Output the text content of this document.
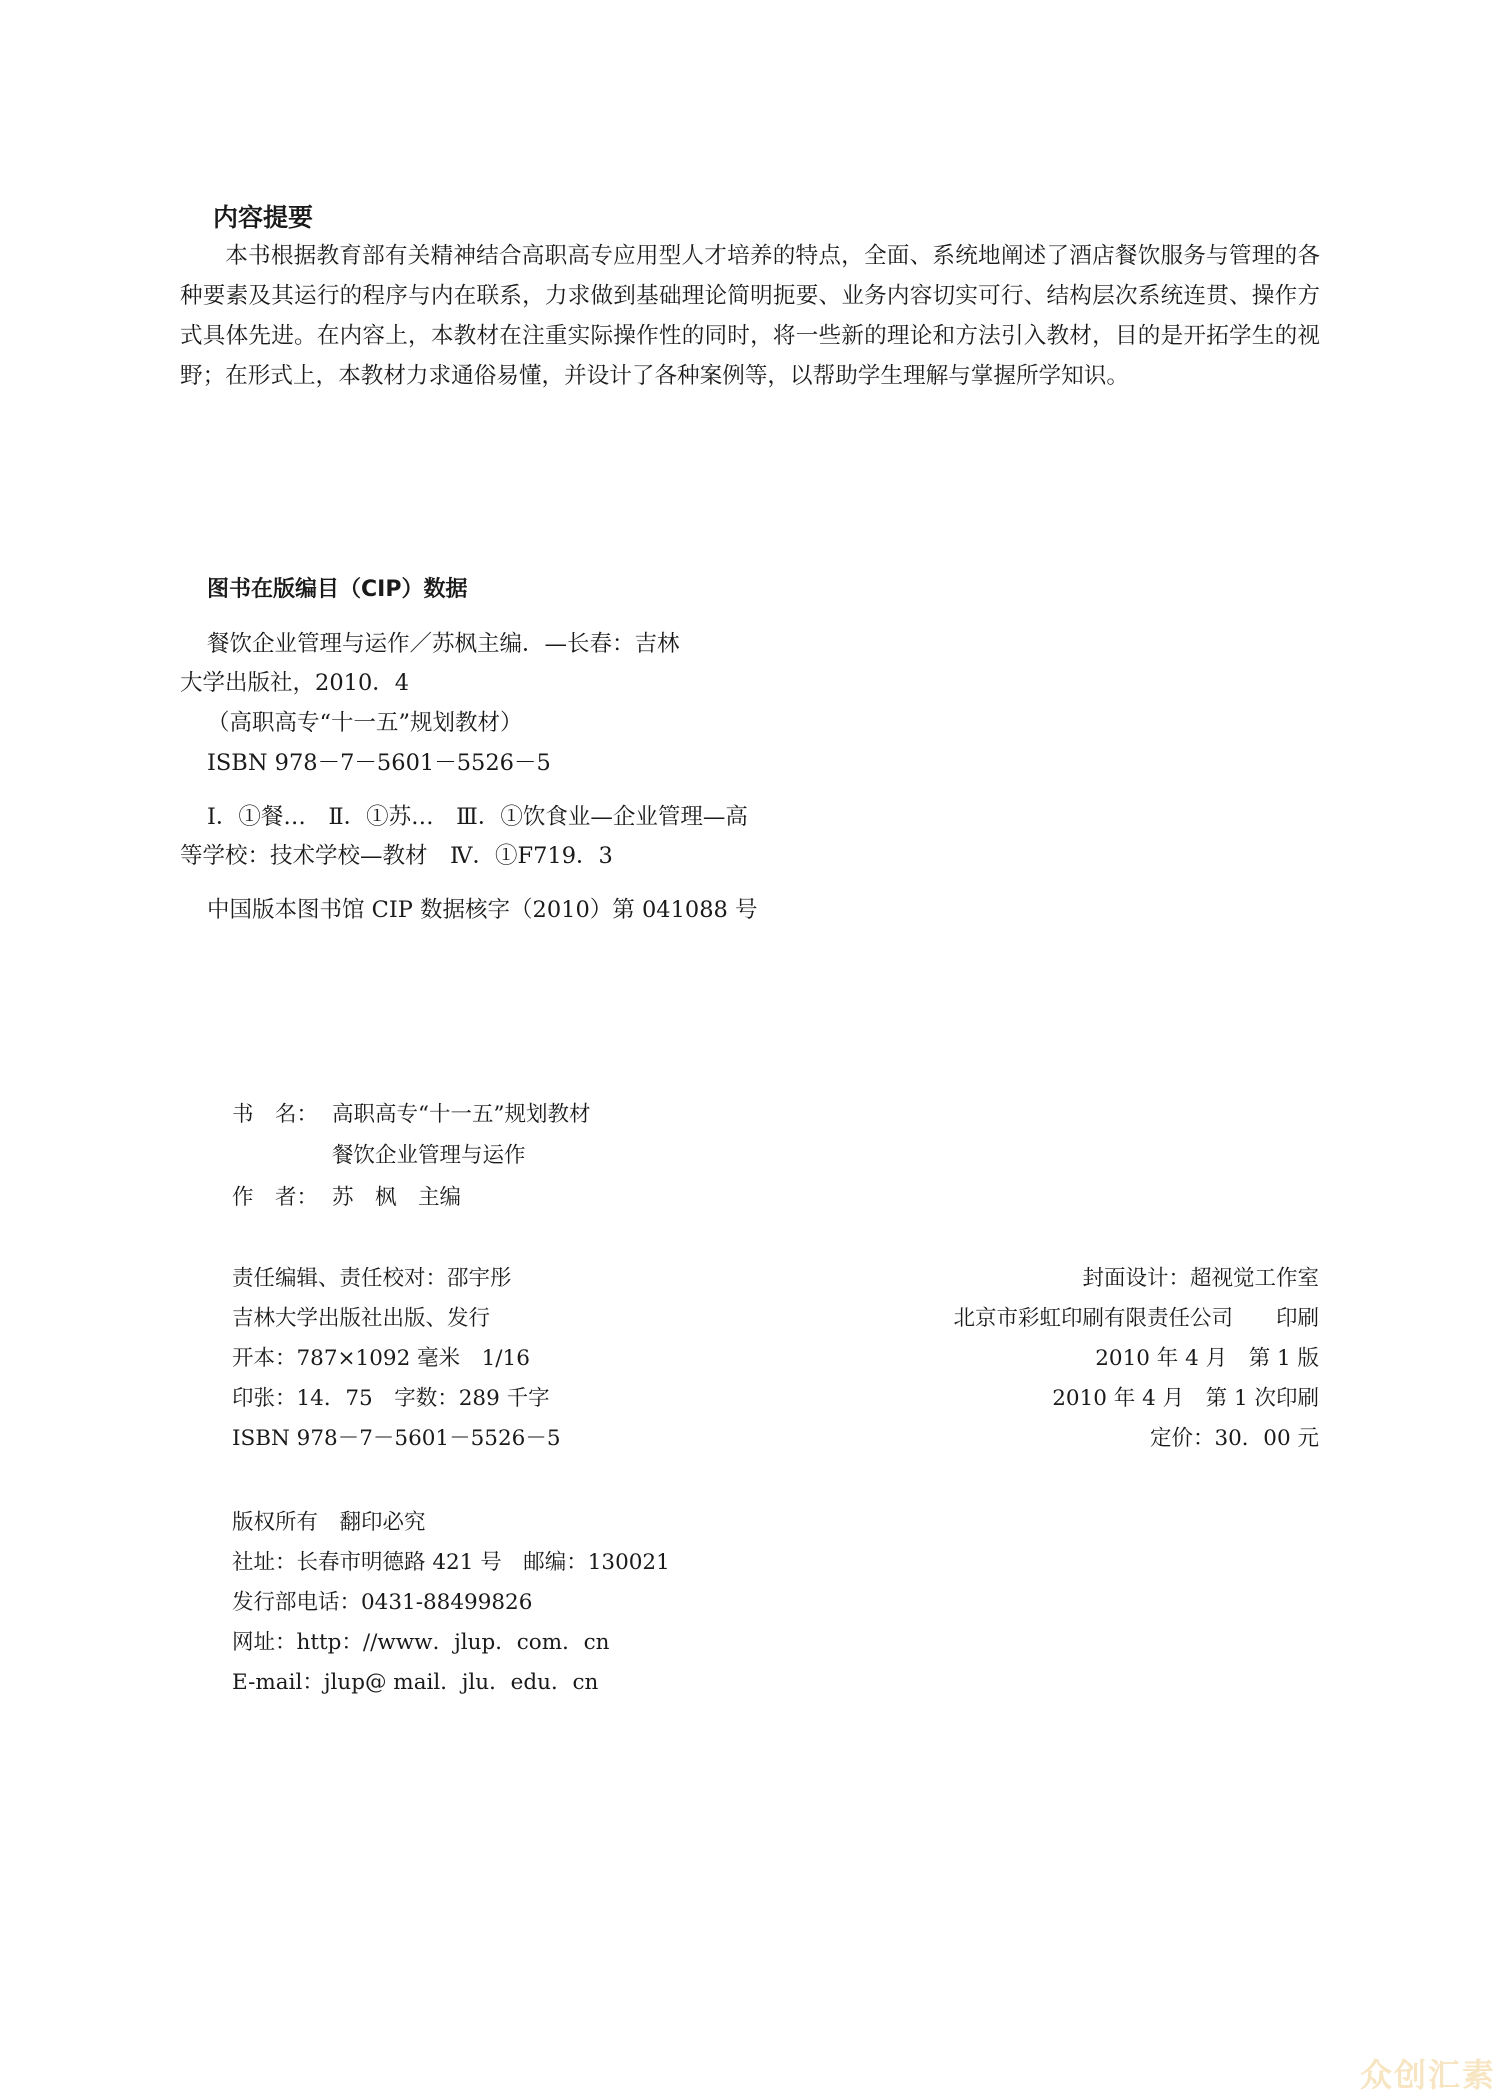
内容提要
本书根据教育部有关精神结合高职高专应用型人才培养的特点，全面、系统地阐述了酒店餐饮服务与管理的各种要素及其运行的程序与内在联系，力求做到基础理论简明扼要、业务内容切实可行、结构层次系统连贯、操作方式具体先进。在内容上，本教材在注重实际操作性的同时，将一些新的理论和方法引入教材，目的是开拓学生的视野；在形式上，本教材力求通俗易懂，并设计了各种案例等，以帮助学生理解与掌握所学知识。
图书在版编目（CIP）数据
餐饮企业管理与运作／苏枫主编．—长春：吉林
大学出版社，2010．4
（高职高专“十一五”规划教材）
ISBN 978－7－5601－5526－5
Ⅰ．①餐…　Ⅱ．①苏…　Ⅲ．①饮食业—企业管理—高
等学校：技术学校—教材　Ⅳ．①F719．3
中国版本图书馆 CIP 数据核字（2010）第 041088 号
书　名： 高职高专“十一五”规划教材
餐饮企业管理与运作
作　者： 苏　枫　主编
责任编辑、责任校对：邵宇彤
吉林大学出版社出版、发行
开本：787×1092 毫米　1/16
印张：14．75　字数：289 千字
ISBN 978－7－5601－5526－5
封面设计：超视觉工作室
北京市彩虹印刷有限责任公司　　印刷
2010 年 4 月　第 1 版
2010 年 4 月　第 1 次印刷
定价：30．00 元
版权所有　翻印必究
社址：长春市明德路 421 号　邮编：130021
发行部电话：0431-88499826
网址：http：//www．jlup．com．cn
E-mail：jlup@ mail．jlu．edu．cn
众创汇素
